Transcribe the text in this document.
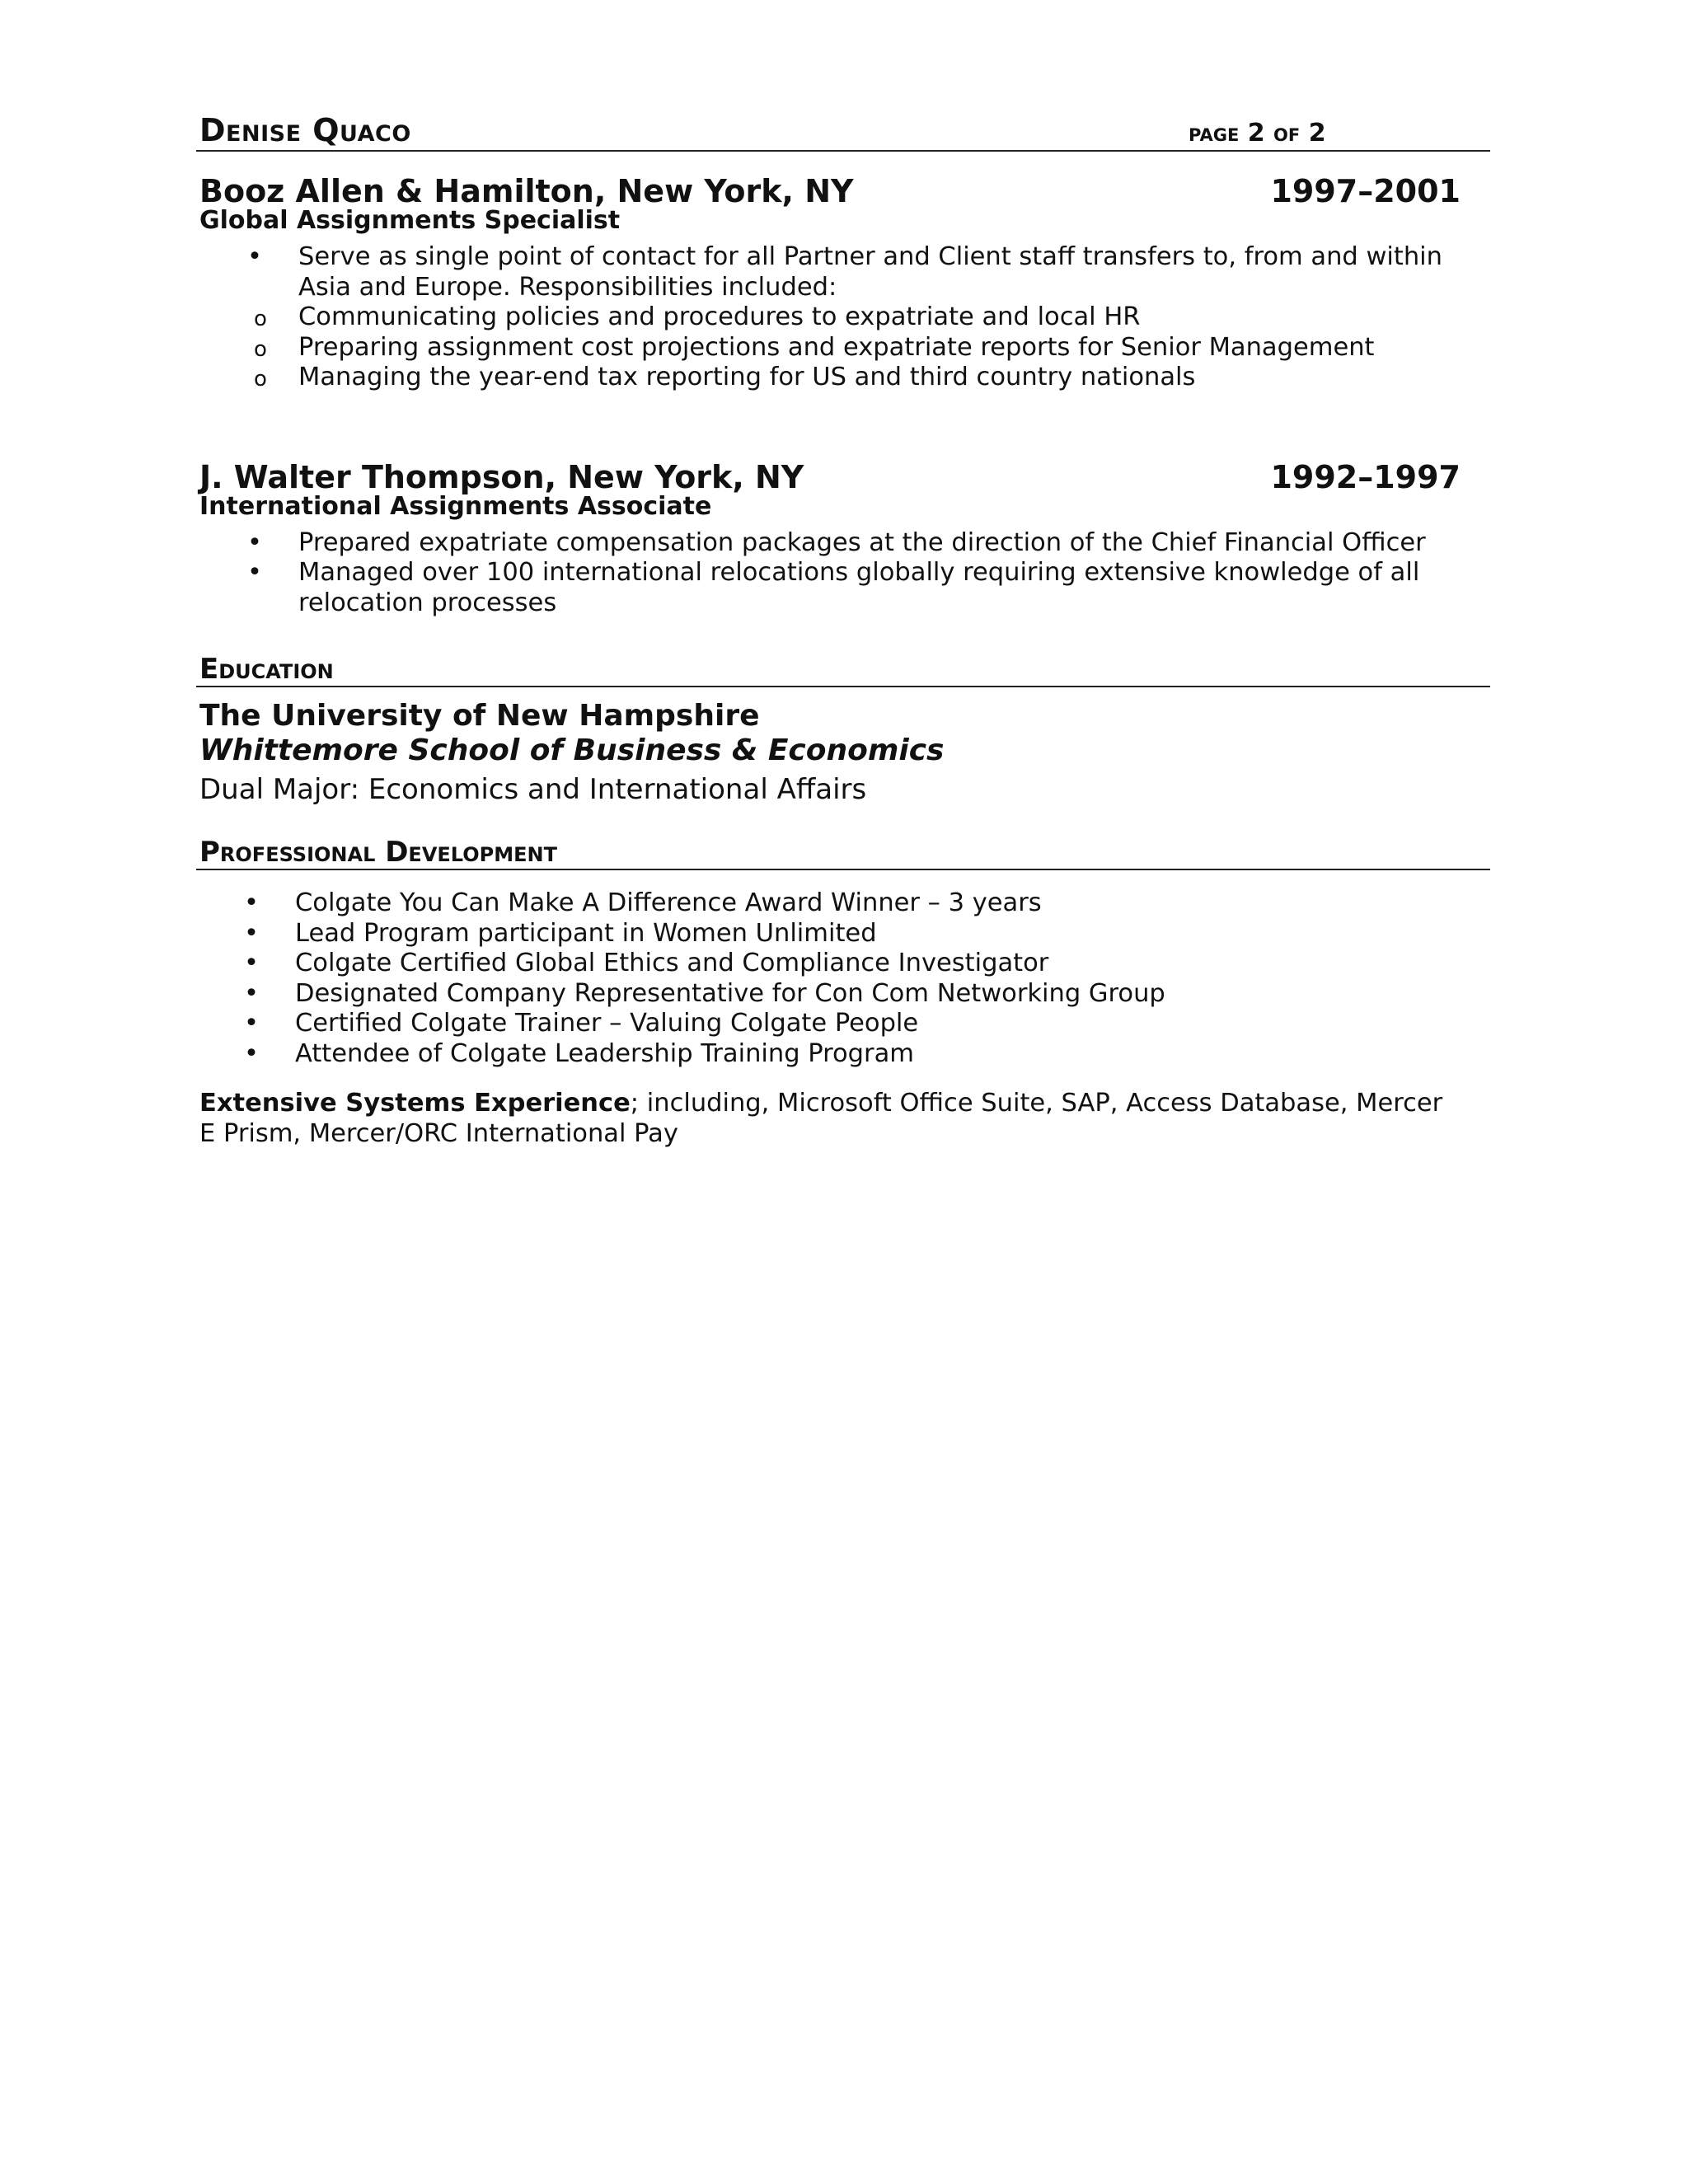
Denise Quaco	page 2 of 2
Booz Allen & Hamilton, New York, NY	1997–2001
Global Assignments Specialist
• Serve as single point of contact for all Partner and Client staff transfers to, from and within Asia and Europe. Responsibilities included:
o Communicating policies and procedures to expatriate and local HR
o Preparing assignment cost projections and expatriate reports for Senior Management
o Managing the year-end tax reporting for US and third country nationals
J. Walter Thompson, New York, NY	1992–1997
International Assignments Associate
• Prepared expatriate compensation packages at the direction of the Chief Financial Officer
• Managed over 100 international relocations globally requiring extensive knowledge of all relocation processes
Education
The University of New Hampshire
Whittemore School of Business & Economics
Dual Major: Economics and International Affairs
Professional Development
• Colgate You Can Make A Difference Award Winner – 3 years
• Lead Program participant in Women Unlimited
• Colgate Certified Global Ethics and Compliance Investigator
• Designated Company Representative for Con Com Networking Group
• Certified Colgate Trainer – Valuing Colgate People
• Attendee of Colgate Leadership Training Program
Extensive Systems Experience; including, Microsoft Office Suite, SAP, Access Database, Mercer E Prism, Mercer/ORC International Pay
